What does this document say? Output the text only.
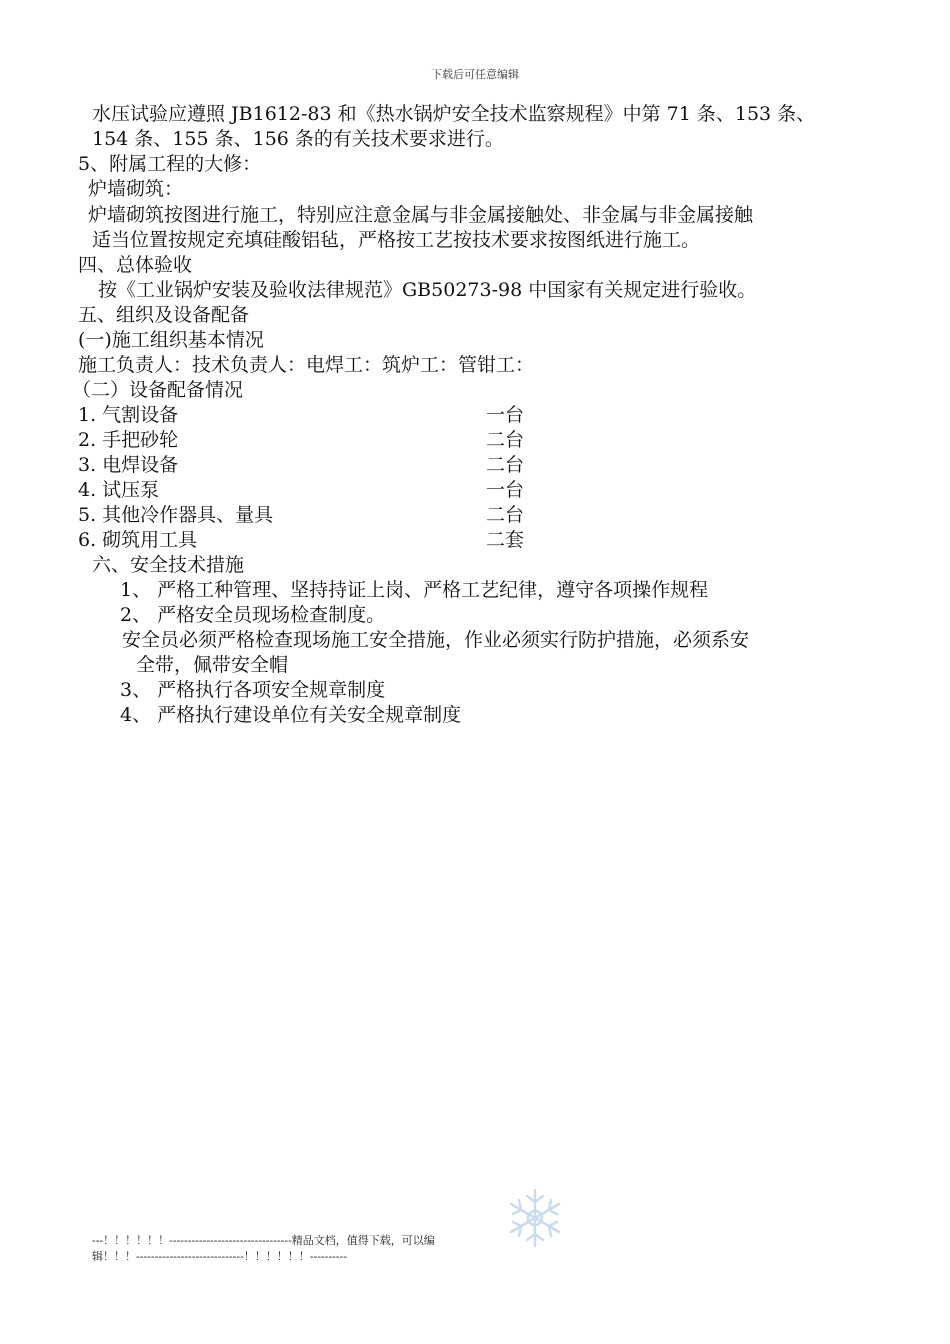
下载后可任意编辑
水压试验应遵照 JB1612-83 和《热水锅炉安全技术监察规程》中第 71 条、153 条、
154 条、155 条、156 条的有关技术要求进行。
5、附属工程的大修：
炉墙砌筑：
炉墙砌筑按图进行施工，特别应注意金属与非金属接触处、非金属与非金属接触
适当位置按规定充填硅酸铝毡，严格按工艺按技术要求按图纸进行施工。
四、总体验收
按《工业锅炉安装及验收法律规范》GB50273-98 中国家有关规定进行验收。
五、组织及设备配备
(一)施工组织基本情况
施工负责人：技术负责人：电焊工：筑炉工：管钳工：
（二）设备配备情况
1. 气割设备	一台
2. 手把砂轮	二台
3. 电焊设备	二台
4. 试压泵	一台
5. 其他冷作器具、量具	二台
6. 砌筑用工具	二套
六、安全技术措施
1、 严格工种管理、坚持持证上岗、严格工艺纪律，遵守各项操作规程
2、 严格安全员现场检查制度。
安全员必须严格检查现场施工安全措施，作业必须实行防护措施，必须系安
全带，佩带安全帽
3、 严格执行各项安全规章制度
4、 严格执行建设单位有关安全规章制度
---！！！！！！---------------------------------精品文档，值得下载，可以编
辑！！！-----------------------------！！！！！！----------
